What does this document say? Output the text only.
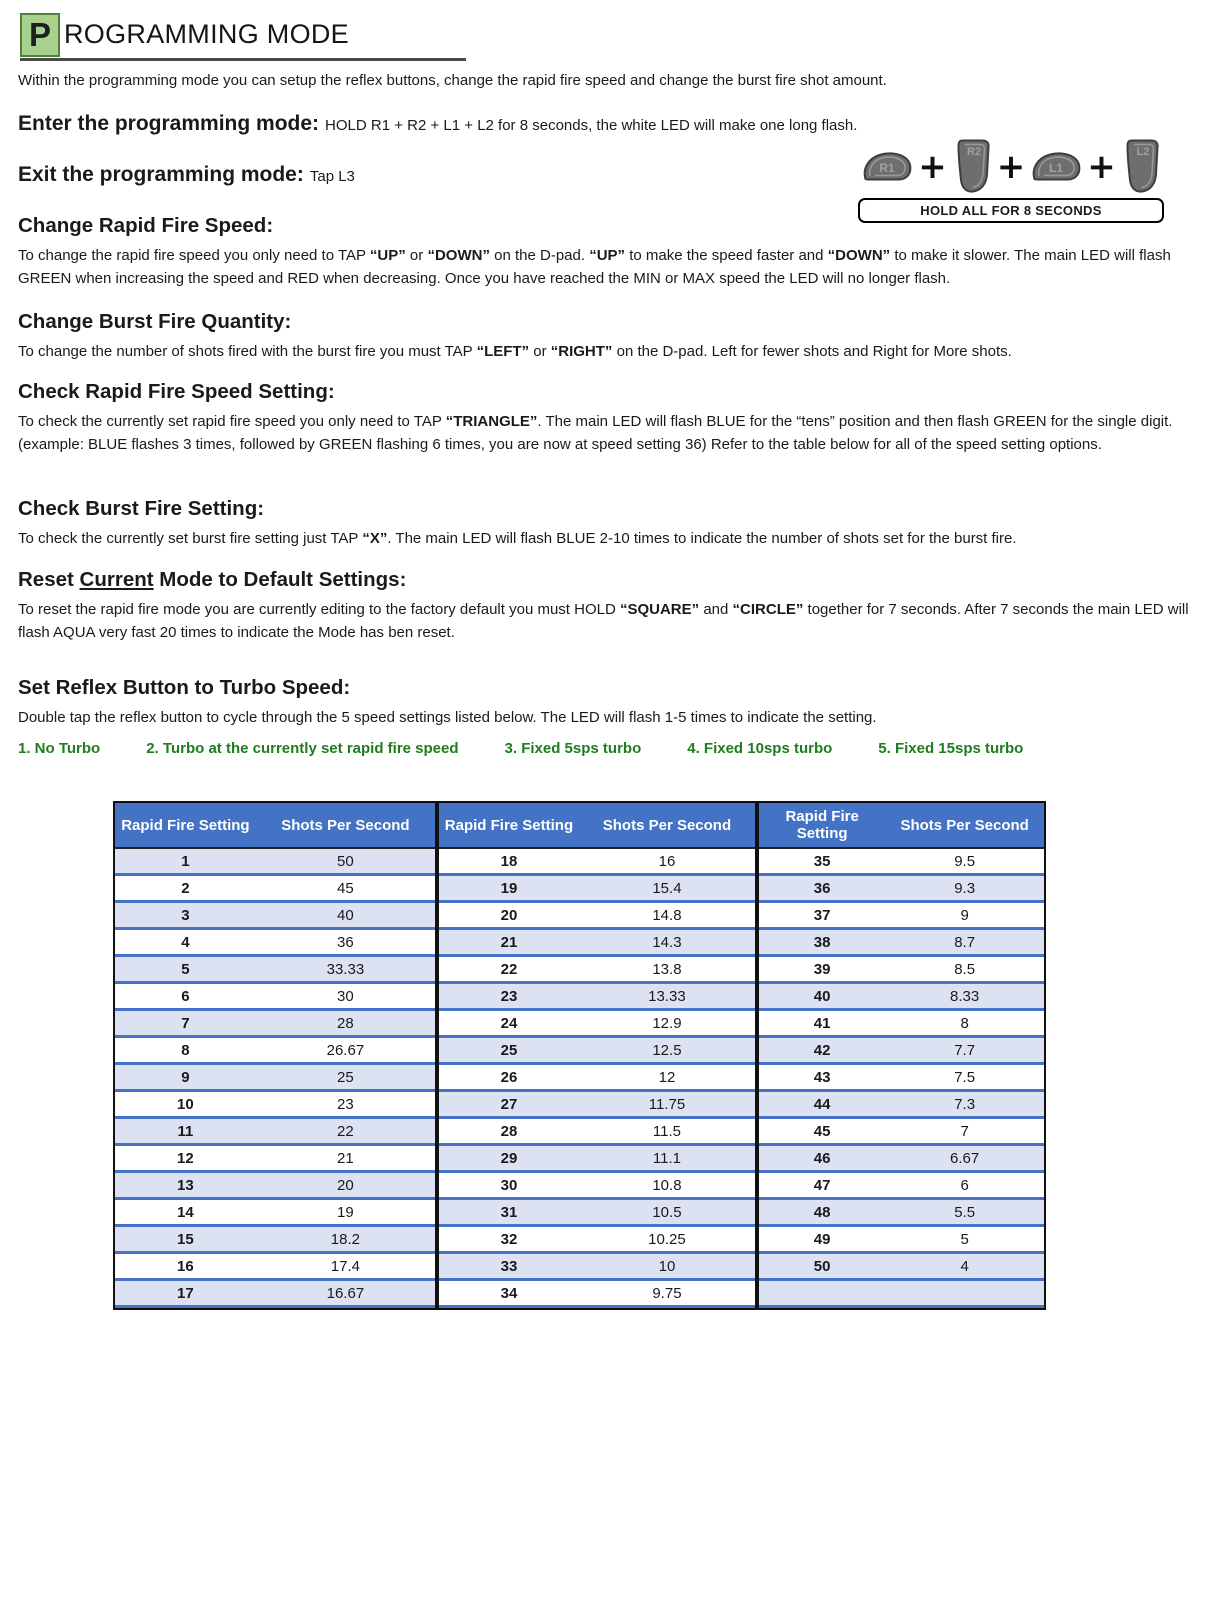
P ROGRAMMING MODE

Within the programming mode you can setup the reflex buttons, change the rapid fire speed and change the burst fire shot amount.

Enter the programming mode: HOLD R1 + R2 + L1 + L2 for 8 seconds, the white LED will make one long flash.
Exit the programming mode: Tap L3	R1 + R2 + L1 + L2
HOLD ALL FOR 8 SECONDS
Change Rapid Fire Speed:

To change the rapid fire speed you only need to TAP “UP” or “DOWN” on the D-pad. “UP” to make the speed faster and “DOWN” to make it slower. The main LED will flash GREEN when increasing the speed and RED when decreasing. Once you have reached the MIN or MAX speed the LED will no longer flash.

Change Burst Fire Quantity:

To change the number of shots fired with the burst fire you must TAP “LEFT” or “RIGHT” on the D-pad. Left for fewer shots and Right for More shots.

Check Rapid Fire Speed Setting:

To check the currently set rapid fire speed you only need to TAP “TRIANGLE”. The main LED will flash BLUE for the “tens” position and then flash GREEN for the single digit. (example: BLUE flashes 3 times, followed by GREEN flashing 6 times, you are now at speed setting 36) Refer to the table below for all of the speed setting options.

Check Burst Fire Setting:

To check the currently set burst fire setting just TAP “X”. The main LED will flash BLUE 2-10 times to indicate the number of shots set for the burst fire.

Reset Current Mode to Default Settings:

To reset the rapid fire mode you are currently editing to the factory default you must HOLD “SQUARE” and “CIRCLE” together for 7 seconds. After 7 seconds the main LED will flash AQUA very fast 20 times to indicate the Mode has ben reset.

Set Reflex Button to Turbo Speed:

Double tap the reflex button to cycle through the 5 speed settings listed below. The LED will flash 1-5 times to indicate the setting.

1. No Turbo	2. Turbo at the currently set rapid fire speed	3. Fixed 5sps turbo	4. Fixed 10sps turbo	5. Fixed 15sps turbo
Rapid Fire Setting	Shots Per Second
1	50
2	45
3	40
4	36
5	33.33
6	30
7	28
8	26.67
9	25
10	23
11	22
12	21
13	20
14	19
15	18.2
16	17.4
17	16.67
Rapid Fire Setting	Shots Per Second
18	16
19	15.4
20	14.8
21	14.3
22	13.8
23	13.33
24	12.9
25	12.5
26	12
27	11.75
28	11.5
29	11.1
30	10.8
31	10.5
32	10.25
33	10
34	9.75
Rapid Fire Setting	Shots Per Second
35	9.5
36	9.3
37	9
38	8.7
39	8.5
40	8.33
41	8
42	7.7
43	7.5
44	7.3
45	7
46	6.67
47	6
48	5.5
49	5
50	4
